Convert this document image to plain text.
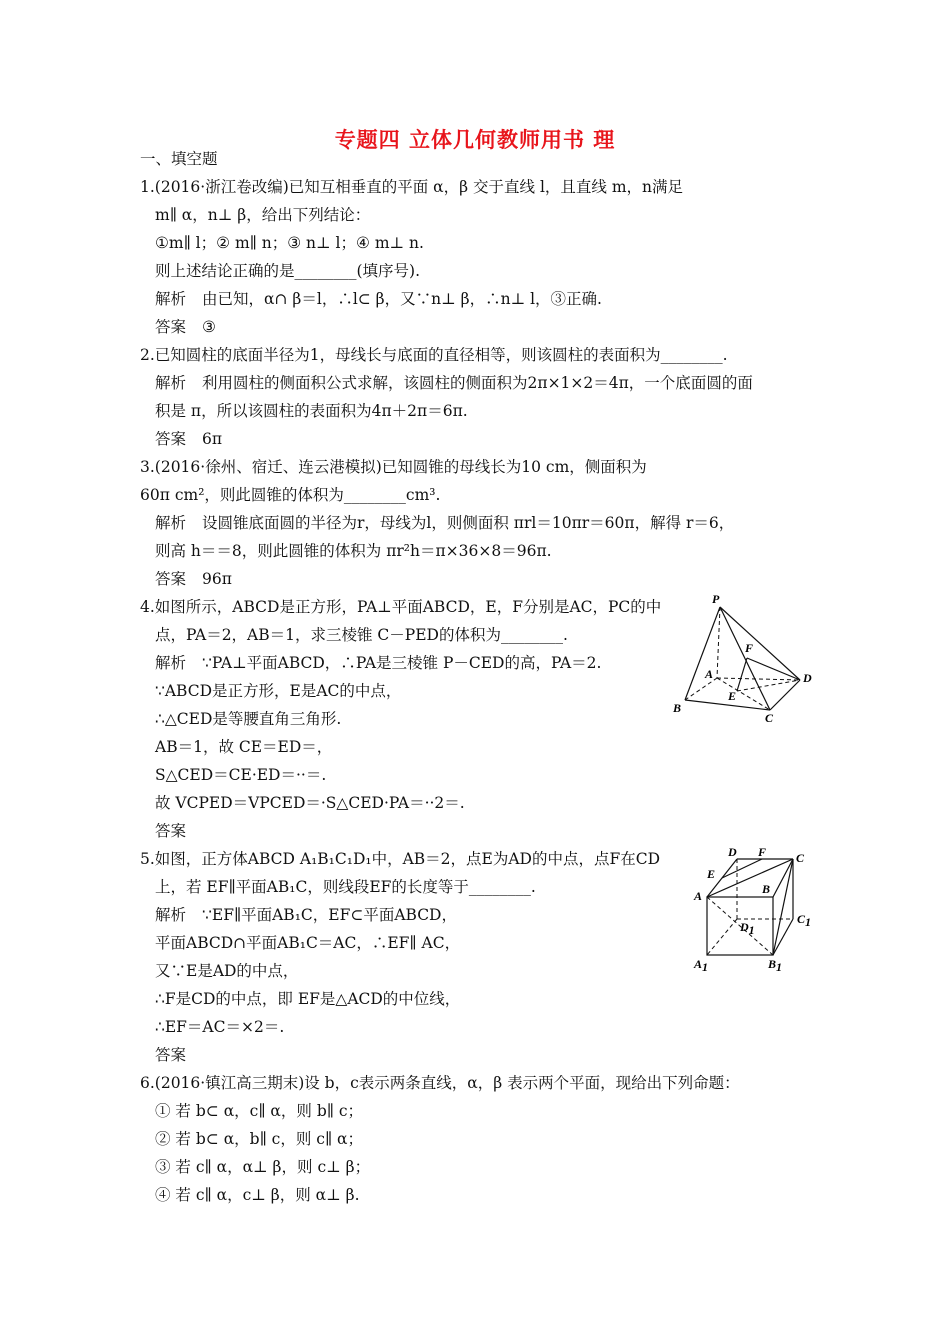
专题四 立体几何教师用书 理
一、填空题
1.(2016·浙江卷改编)已知互相垂直的平面 α，β 交于直线 l，且直线 m，n满足
m∥ α，n⊥ β，给出下列结论：
①m∥ l；② m∥ n；③ n⊥ l；④ m⊥ n.
则上述结论正确的是________(填序号).
解析 由已知，α∩ β＝l，∴l⊂ β，又∵n⊥ β，∴n⊥ l，③正确.
答案 ③
2.已知圆柱的底面半径为1，母线长与底面的直径相等，则该圆柱的表面积为________.
解析 利用圆柱的侧面积公式求解，该圆柱的侧面积为2π×1×2＝4π，一个底面圆的面
积是 π，所以该圆柱的表面积为4π＋2π＝6π.
答案 6π
3.(2016·徐州、宿迁、连云港模拟)已知圆锥的母线长为10 cm，侧面积为
60π cm²，则此圆锥的体积为________cm³.
解析 设圆锥底面圆的半径为r，母线为l，则侧面积 πrl＝10πr＝60π，解得 r＝6，
则高 h＝＝8，则此圆锥的体积为 πr²h＝π×36×8＝96π.
答案 96π
4.如图所示，ABCD是正方形，PA⊥平面ABCD，E，F分别是AC，PC的中
点，PA＝2，AB＝1，求三棱锥 C－PED的体积为________.
解析 ∵PA⊥平面ABCD，∴PA是三棱锥 P－CED的高，PA＝2.
∵ABCD是正方形，E是AC的中点，
∴△CED是等腰直角三角形.
AB＝1，故 CE＝ED＝，
S△CED＝CE·ED＝··＝.
故 VCPED＝VPCED＝·S△CED·PA＝··2＝.
答案
5.如图，正方体ABCD A₁B₁C₁D₁中，AB＝2，点E为AD的中点，点F在CD
上，若 EF∥平面AB₁C，则线段EF的长度等于________.
解析 ∵EF∥平面AB₁C，EF⊂平面ABCD，
平面ABCD∩平面AB₁C＝AC，∴EF∥ AC，
又∵E是AD的中点，
∴F是CD的中点，即 EF是△ACD的中位线，
∴EF＝AC＝×2＝.
答案
6.(2016·镇江高三期末)设 b，c表示两条直线，α，β 表示两个平面，现给出下列命题：
① 若 b⊂ α，c∥ α，则 b∥ c；
② 若 b⊂ α，b∥ c，则 c∥ α；
③ 若 c∥ α，α⊥ β，则 c⊥ β；
④ 若 c∥ α，c⊥ β，则 α⊥ β.
P
A
B
C
D
E
F
D F C
E
A	B
D1
C1
A1	B1
